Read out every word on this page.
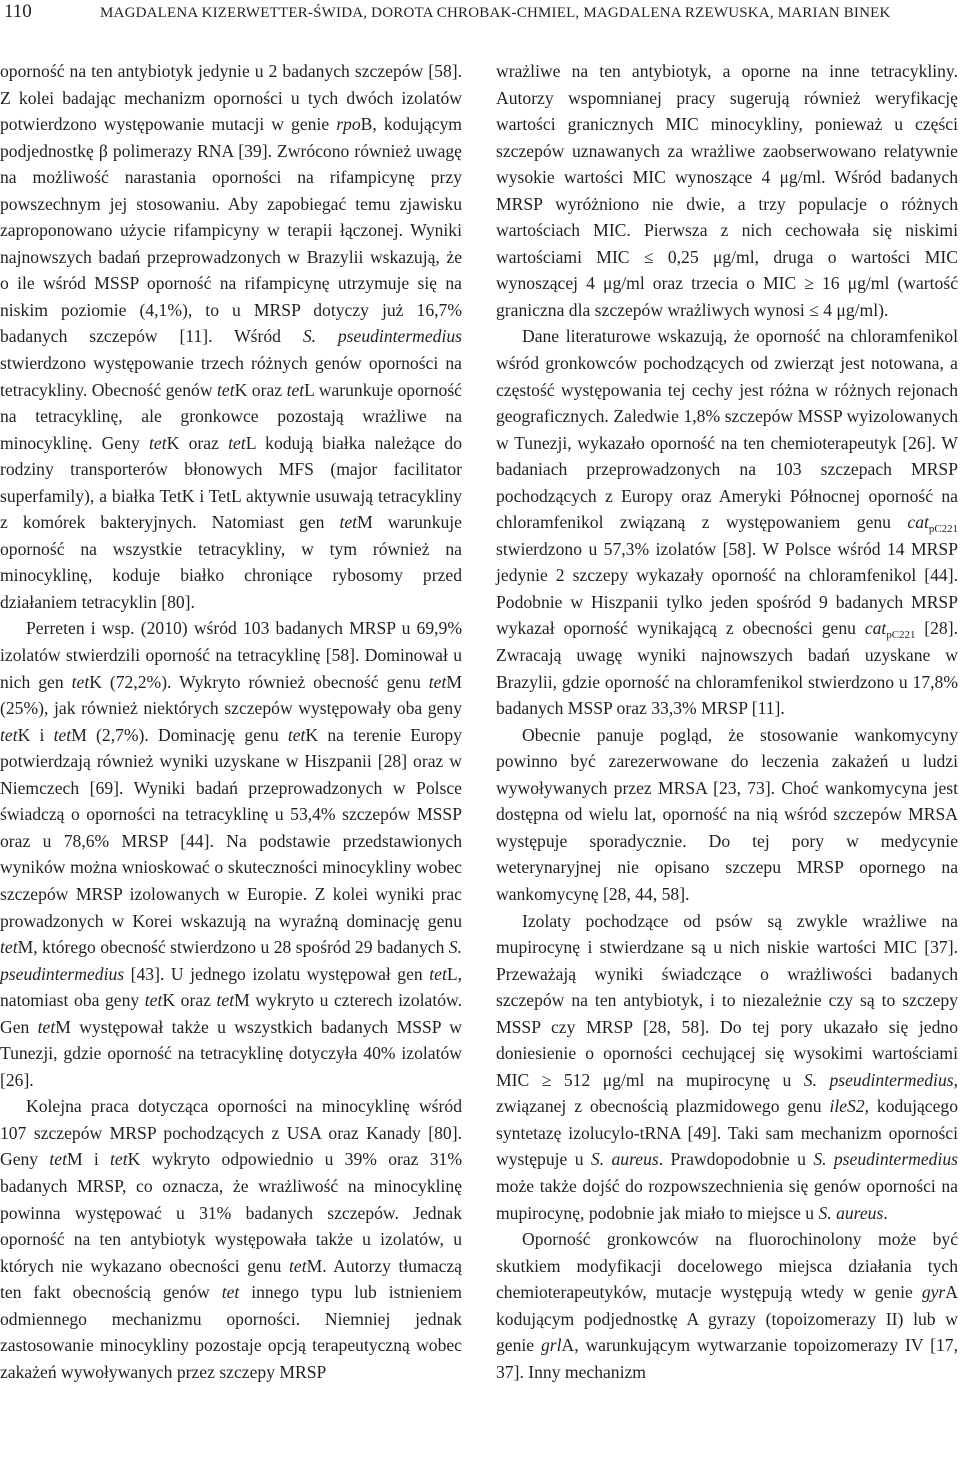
110	MAGDALENA KIZERWETTER-ŚWIDA, DOROTA CHROBAK-CHMIEL, MAGDALENA RZEWUSKA, MARIAN BINEK

oporność na ten antybiotyk jedynie u 2 badanych szczepów [58]. Z kolei badając mechanizm oporności u tych dwóch izolatów potwierdzono występowanie mutacji w genie rpoB, kodującym podjednostkę β polimerazy RNA [39]. Zwrócono również uwagę na możliwość narastania oporności na rifampicynę przy powszechnym jej stosowaniu. Aby zapobiegać temu zjawisku zaproponowano użycie rifampicyny w terapii łączonej. Wyniki najnowszych badań przeprowadzonych w Brazylii wskazują, że o ile wśród MSSP oporność na rifampicynę utrzymuje się na niskim poziomie (4,1%), to u MRSP dotyczy już 16,7% badanych szczepów [11]. Wśród S. pseudintermedius stwierdzono występowanie trzech różnych genów oporności na tetracykliny. Obecność genów tetK oraz tetL warunkuje oporność na tetracyklinę, ale gronkowce pozostają wrażliwe na minocyklinę. Geny tetK oraz tetL kodują białka należące do rodziny transporterów błonowych MFS (major facilitator superfamily), a białka TetK i TetL aktywnie usuwają tetracykliny z komórek bakteryjnych. Natomiast gen tetM warunkuje oporność na wszystkie tetracykliny, w tym również na minocyklinę, koduje białko chroniące rybosomy przed działaniem tetracyklin [80].

Perreten i wsp. (2010) wśród 103 badanych MRSP u 69,9% izolatów stwierdzili oporność na tetracyklinę [58]. Dominował u nich gen tetK (72,2%). Wykryto również obecność genu tetM (25%), jak również niektórych szczepów występowały oba geny tetK i tetM (2,7%). Dominację genu tetK na terenie Europy potwierdzają również wyniki uzyskane w Hiszpanii [28] oraz w Niemczech [69]. Wyniki badań przeprowadzonych w Polsce świadczą o oporności na tetracyklinę u 53,4% szczepów MSSP oraz u 78,6% MRSP [44]. Na podstawie przedstawionych wyników można wnioskować o skuteczności minocykliny wobec szczepów MRSP izolowanych w Europie. Z kolei wyniki prac prowadzonych w Korei wskazują na wyraźną dominację genu tetM, którego obecność stwierdzono u 28 spośród 29 badanych S. pseudintermedius [43]. U jednego izolatu występował gen tetL, natomiast oba geny tetK oraz tetM wykryto u czterech izolatów. Gen tetM występował także u wszystkich badanych MSSP w Tunezji, gdzie oporność na tetracyklinę dotyczyła 40% izolatów [26].

Kolejna praca dotycząca oporności na minocyklinę wśród 107 szczepów MRSP pochodzących z USA oraz Kanady [80]. Geny tetM i tetK wykryto odpowiednio u 39% oraz 31% badanych MRSP, co oznacza, że wrażliwość na minocyklinę powinna występować u 31% badanych szczepów. Jednak oporność na ten antybiotyk występowała także u izolatów, u których nie wykazano obecności genu tetM. Autorzy tłumaczą ten fakt obecnością genów tet innego typu lub istnieniem odmiennego mechanizmu oporności. Niemniej jednak zastosowanie minocykliny pozostaje opcją terapeutyczną wobec zakażeń wywoływanych przez szczepy MRSP

wrażliwe na ten antybiotyk, a oporne na inne tetracykliny. Autorzy wspomnianej pracy sugerują również weryfikację wartości granicznych MIC minocykliny, ponieważ u części szczepów uznawanych za wrażliwe zaobserwowano relatywnie wysokie wartości MIC wynoszące 4 μg/ml. Wśród badanych MRSP wyróżniono nie dwie, a trzy populacje o różnych wartościach MIC. Pierwsza z nich cechowała się niskimi wartościami MIC ≤ 0,25 μg/ml, druga o wartości MIC wynoszącej 4 μg/ml oraz trzecia o MIC ≥ 16 μg/ml (wartość graniczna dla szczepów wrażliwych wynosi ≤ 4 μg/ml).

Dane literaturowe wskazują, że oporność na chloramfenikol wśród gronkowców pochodzących od zwierząt jest notowana, a częstość występowania tej cechy jest różna w różnych rejonach geograficznych. Zaledwie 1,8% szczepów MSSP wyizolowanych w Tunezji, wykazało oporność na ten chemioterapeutyk [26]. W badaniach przeprowadzonych na 103 szczepach MRSP pochodzących z Europy oraz Ameryki Północnej oporność na chloramfenikol związaną z występowaniem genu cat$_{pC221}$ stwierdzono u 57,3% izolatów [58]. W Polsce wśród 14 MRSP jedynie 2 szczepy wykazały oporność na chloramfenikol [44]. Podobnie w Hiszpanii tylko jeden spośród 9 badanych MRSP wykazał oporność wynikającą z obecności genu cat$_{pC221}$ [28]. Zwracają uwagę wyniki najnowszych badań uzyskane w Brazylii, gdzie oporność na chloramfenikol stwierdzono u 17,8% badanych MSSP oraz 33,3% MRSP [11].

Obecnie panuje pogląd, że stosowanie wankomycyny powinno być zarezerwowane do leczenia zakażeń u ludzi wywoływanych przez MRSA [23, 73]. Choć wankomycyna jest dostępna od wielu lat, oporność na nią wśród szczepów MRSA występuje sporadycznie. Do tej pory w medycynie weterynaryjnej nie opisano szczepu MRSP opornego na wankomycynę [28, 44, 58].

Izolaty pochodzące od psów są zwykle wrażliwe na mupirocynę i stwierdzane są u nich niskie wartości MIC [37]. Przeważają wyniki świadczące o wrażliwości badanych szczepów na ten antybiotyk, i to niezależnie czy są to szczepy MSSP czy MRSP [28, 58]. Do tej pory ukazało się jedno doniesienie o oporności cechującej się wysokimi wartościami MIC ≥ 512 μg/ml na mupirocynę u S. pseudintermedius, związanej z obecnością plazmidowego genu ileS2, kodującego syntetazę izolucylo-tRNA [49]. Taki sam mechanizm oporności występuje u S. aureus. Prawdopodobnie u S. pseudintermedius może także dojść do rozpowszechnienia się genów oporności na mupirocynę, podobnie jak miało to miejsce u S. aureus.

Oporność gronkowców na fluorochinolony może być skutkiem modyfikacji docelowego miejsca działania tych chemioterapeutyków, mutacje występują wtedy w genie gyrA kodującym podjednostkę A gyrazy (topoizomerazy II) lub w genie grlA, warunkującym wytwarzanie topoizomerazy IV [17, 37]. Inny mechanizm
